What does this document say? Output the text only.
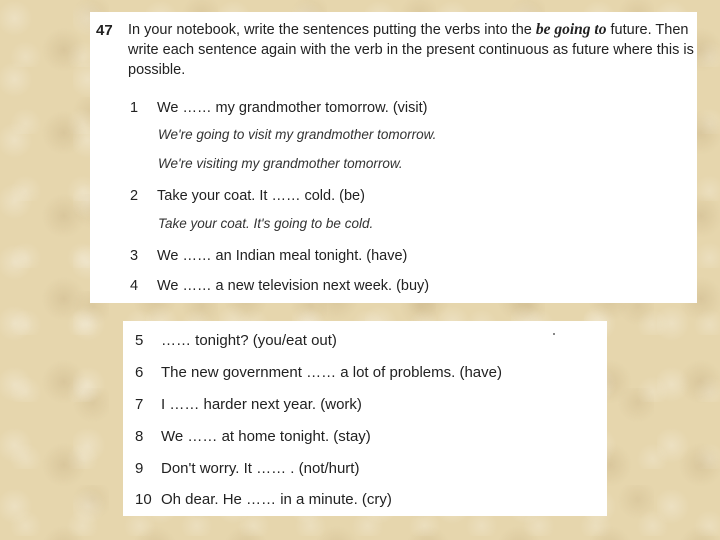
47 In your notebook, write the sentences putting the verbs into the be going to future. Then write each sentence again with the verb in the present continuous as future where this is possible.
1 We …… my grandmother tomorrow. (visit)
We're going to visit my grandmother tomorrow.
We're visiting my grandmother tomorrow.
2 Take your coat. It …… cold. (be)
Take your coat. It's going to be cold.
3 We …… an Indian meal tonight. (have)
4 We …… a new television next week. (buy)
5 …… tonight? (you/eat out)
6 The new government …… a lot of problems. (have)
7 I …… harder next year. (work)
8 We …… at home tonight. (stay)
9 Don't worry. It …… . (not/hurt)
10 Oh dear. He …… in a minute. (cry)
